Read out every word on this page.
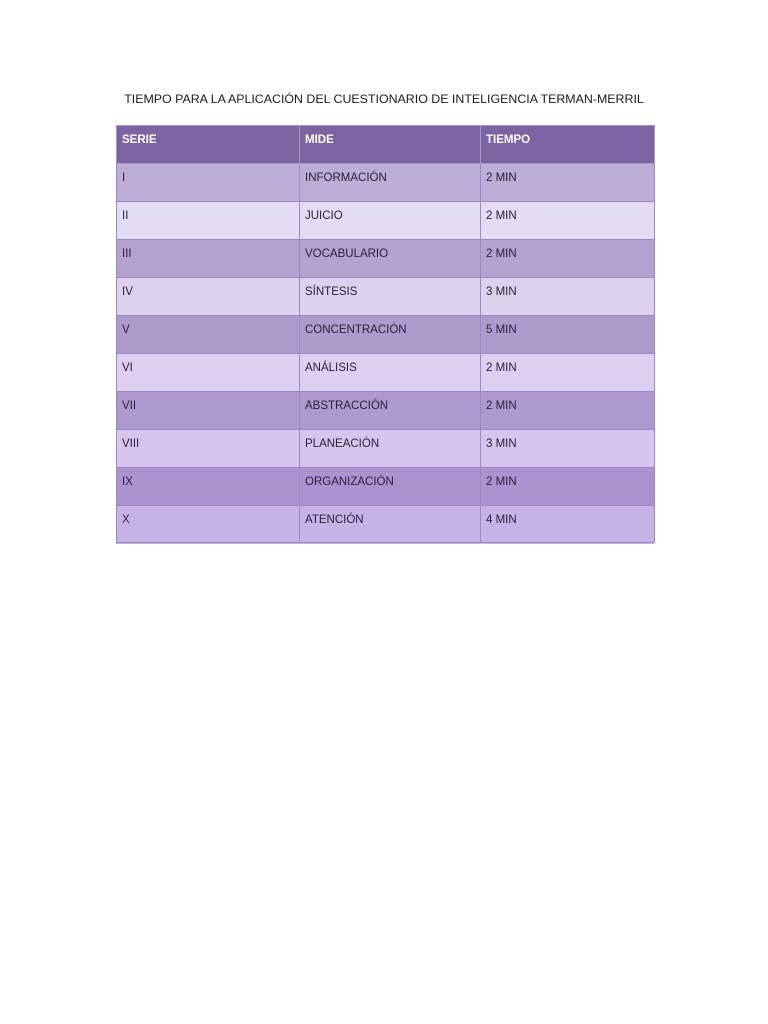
TIEMPO PARA LA APLICACIÓN DEL CUESTIONARIO DE INTELIGENCIA TERMAN-MERRIL
SERIE	MIDE	TIEMPO
I	INFORMACIÓN	2 MIN
II	JUICIO	2 MIN
III	VOCABULARIO	2 MIN
IV	SÍNTESIS	3 MIN
V	CONCENTRACIÓN	5 MIN
VI	ANÁLISIS	2 MIN
VII	ABSTRACCIÓN	2 MIN
VIII	PLANEACIÓN	3 MIN
IX	ORGANIZACIÓN	2 MIN
X	ATENCIÓN	4 MIN
